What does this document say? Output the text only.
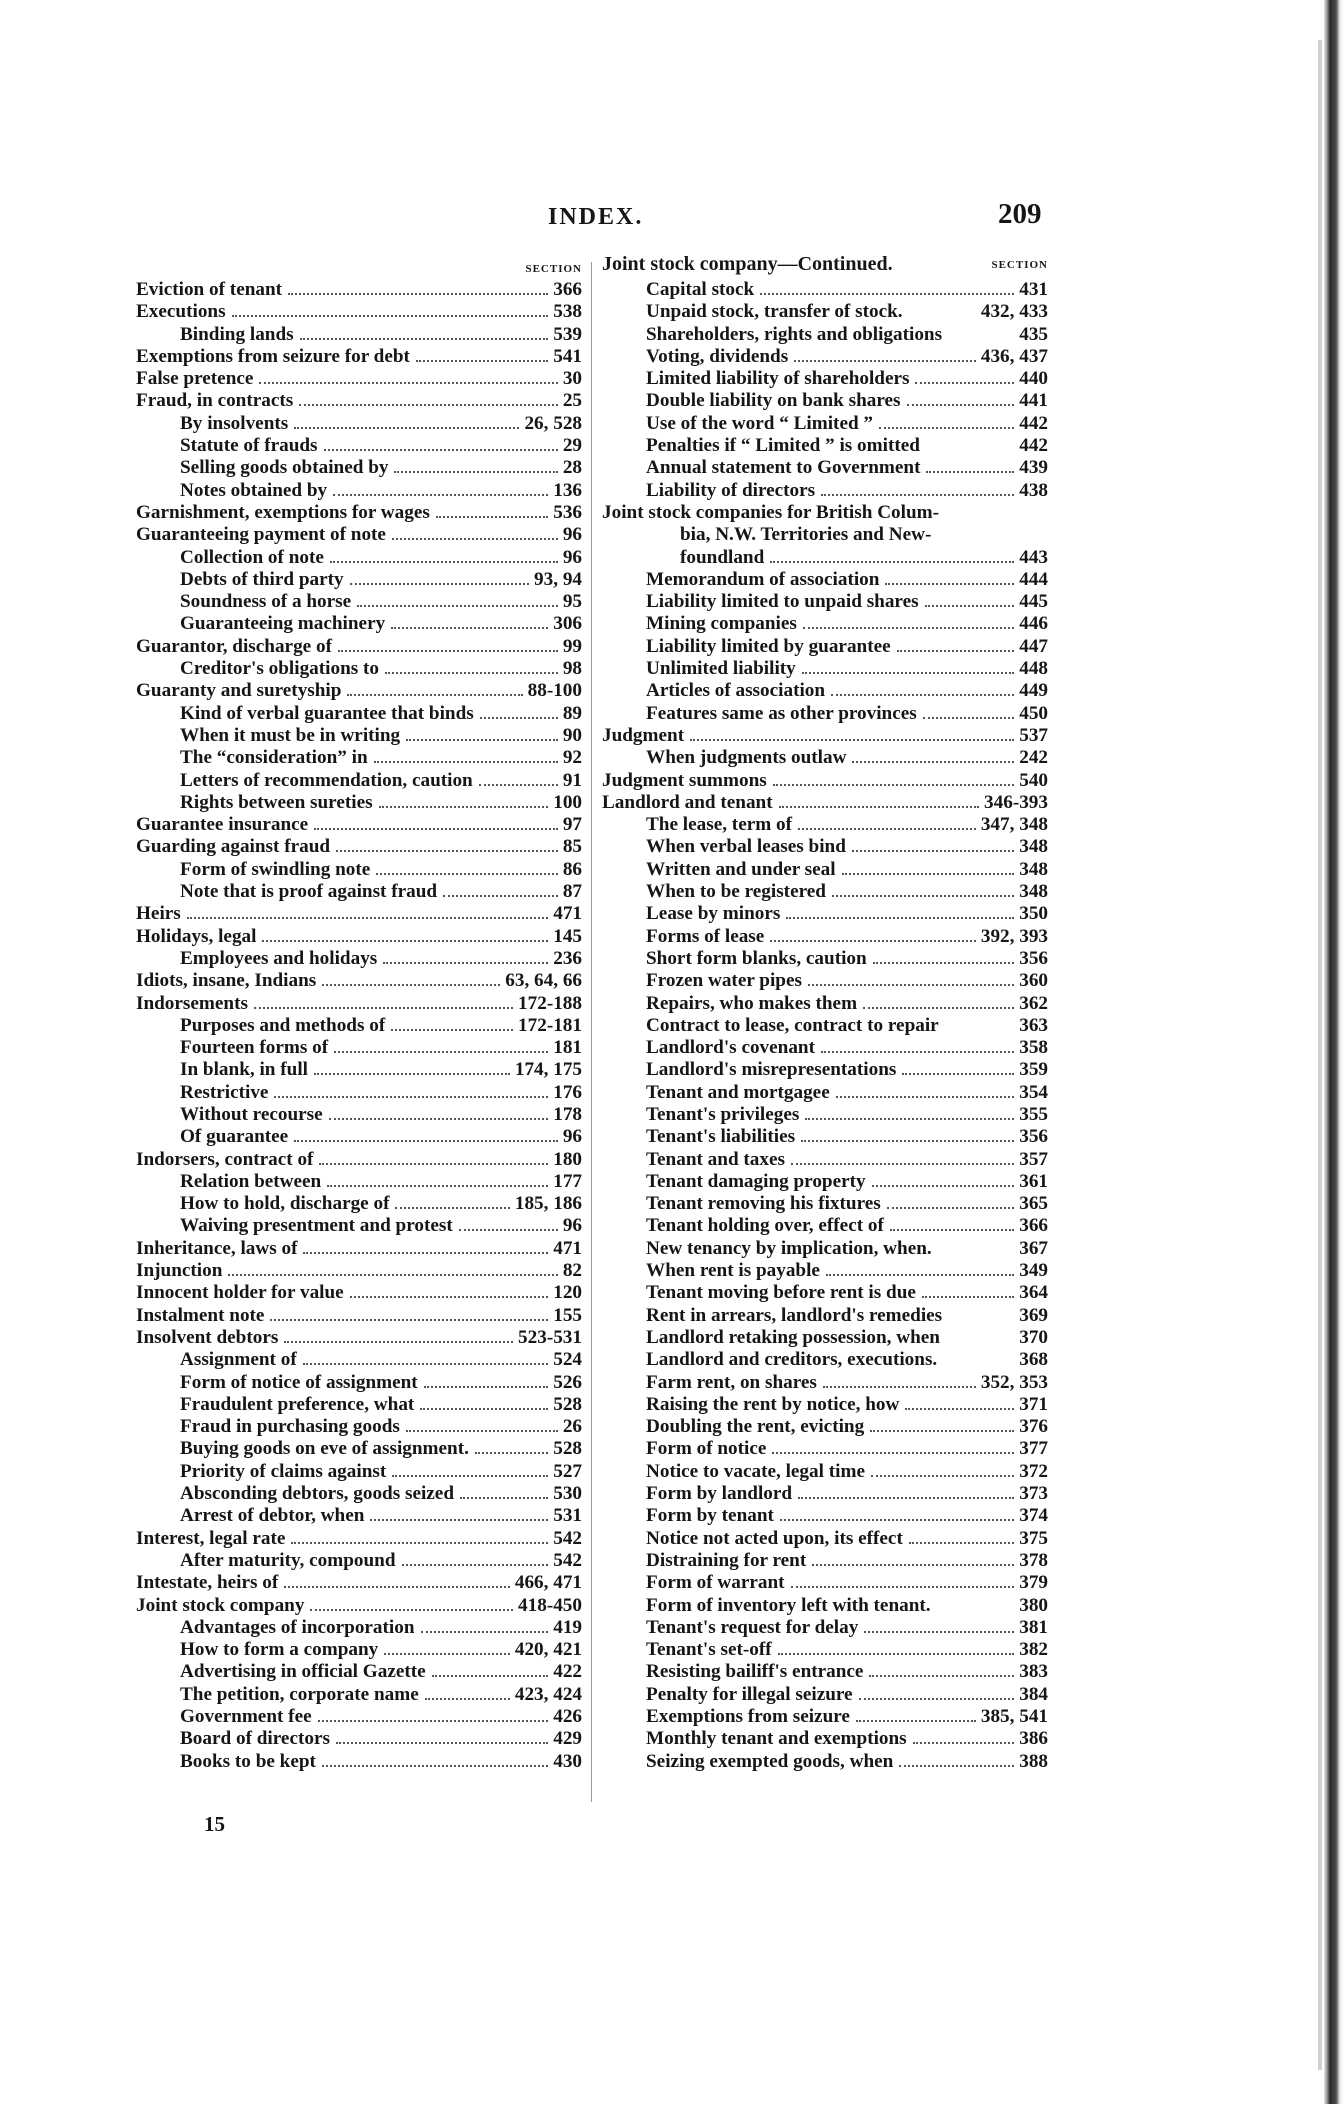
INDEX.	209
SECTION
Eviction of tenant	366
Executions	538
Binding lands	539
Exemptions from seizure for debt	541
False pretence	30
Fraud, in contracts	25
By insolvents	26, 528
Statute of frauds	29
Selling goods obtained by	28
Notes obtained by	136
Garnishment, exemptions for wages	536
Guaranteeing payment of note	96
Collection of note	96
Debts of third party	93, 94
Soundness of a horse	95
Guaranteeing machinery	306
Guarantor, discharge of	99
Creditor's obligations to	98
Guaranty and suretyship	88-100
Kind of verbal guarantee that binds	89
When it must be in writing	90
The “consideration” in	92
Letters of recommendation, caution	91
Rights between sureties	100
Guarantee insurance	97
Guarding against fraud	85
Form of swindling note	86
Note that is proof against fraud	87
Heirs	471
Holidays, legal	145
Employees and holidays	236
Idiots, insane, Indians	63, 64, 66
Indorsements	172-188
Purposes and methods of	172-181
Fourteen forms of	181
In blank, in full	174, 175
Restrictive	176
Without recourse	178
Of guarantee	96
Indorsers, contract of	180
Relation between	177
How to hold, discharge of	185, 186
Waiving presentment and protest	96
Inheritance, laws of	471
Injunction	82
Innocent holder for value	120
Instalment note	155
Insolvent debtors	523-531
Assignment of	524
Form of notice of assignment	526
Fraudulent preference, what	528
Fraud in purchasing goods	26
Buying goods on eve of assignment.	528
Priority of claims against	527
Absconding debtors, goods seized	530
Arrest of debtor, when	531
Interest, legal rate	542
After maturity, compound	542
Intestate, heirs of	466, 471
Joint stock company	418-450
Advantages of incorporation	419
How to form a company	420, 421
Advertising in official Gazette	422
The petition, corporate name	423, 424
Government fee	426
Board of directors	429
Books to be kept	430
Joint stock company—Continued.	SECTION
Capital stock	431
Unpaid stock, transfer of stock.	432, 433
Shareholders, rights and obligations	435
Voting, dividends	436, 437
Limited liability of shareholders	440
Double liability on bank shares	441
Use of the word “ Limited ”	442
Penalties if “ Limited ” is omitted	442
Annual statement to Government	439
Liability of directors	438
Joint stock companies for British Colum-
bia, N.W. Territories and New-
foundland	443
Memorandum of association	444
Liability limited to unpaid shares	445
Mining companies	446
Liability limited by guarantee	447
Unlimited liability	448
Articles of association	449
Features same as other provinces	450
Judgment	537
When judgments outlaw	242
Judgment summons	540
Landlord and tenant	346-393
The lease, term of	347, 348
When verbal leases bind	348
Written and under seal	348
When to be registered	348
Lease by minors	350
Forms of lease	392, 393
Short form blanks, caution	356
Frozen water pipes	360
Repairs, who makes them	362
Contract to lease, contract to repair	363
Landlord's covenant	358
Landlord's misrepresentations	359
Tenant and mortgagee	354
Tenant's privileges	355
Tenant's liabilities	356
Tenant and taxes	357
Tenant damaging property	361
Tenant removing his fixtures	365
Tenant holding over, effect of	366
New tenancy by implication, when.	367
When rent is payable	349
Tenant moving before rent is due	364
Rent in arrears, landlord's remedies	369
Landlord retaking possession, when	370
Landlord and creditors, executions.	368
Farm rent, on shares	352, 353
Raising the rent by notice, how	371
Doubling the rent, evicting	376
Form of notice	377
Notice to vacate, legal time	372
Form by landlord	373
Form by tenant	374
Notice not acted upon, its effect	375
Distraining for rent	378
Form of warrant	379
Form of inventory left with tenant.	380
Tenant's request for delay	381
Tenant's set-off	382
Resisting bailiff's entrance	383
Penalty for illegal seizure	384
Exemptions from seizure	385, 541
Monthly tenant and exemptions	386
Seizing exempted goods, when	388
15
